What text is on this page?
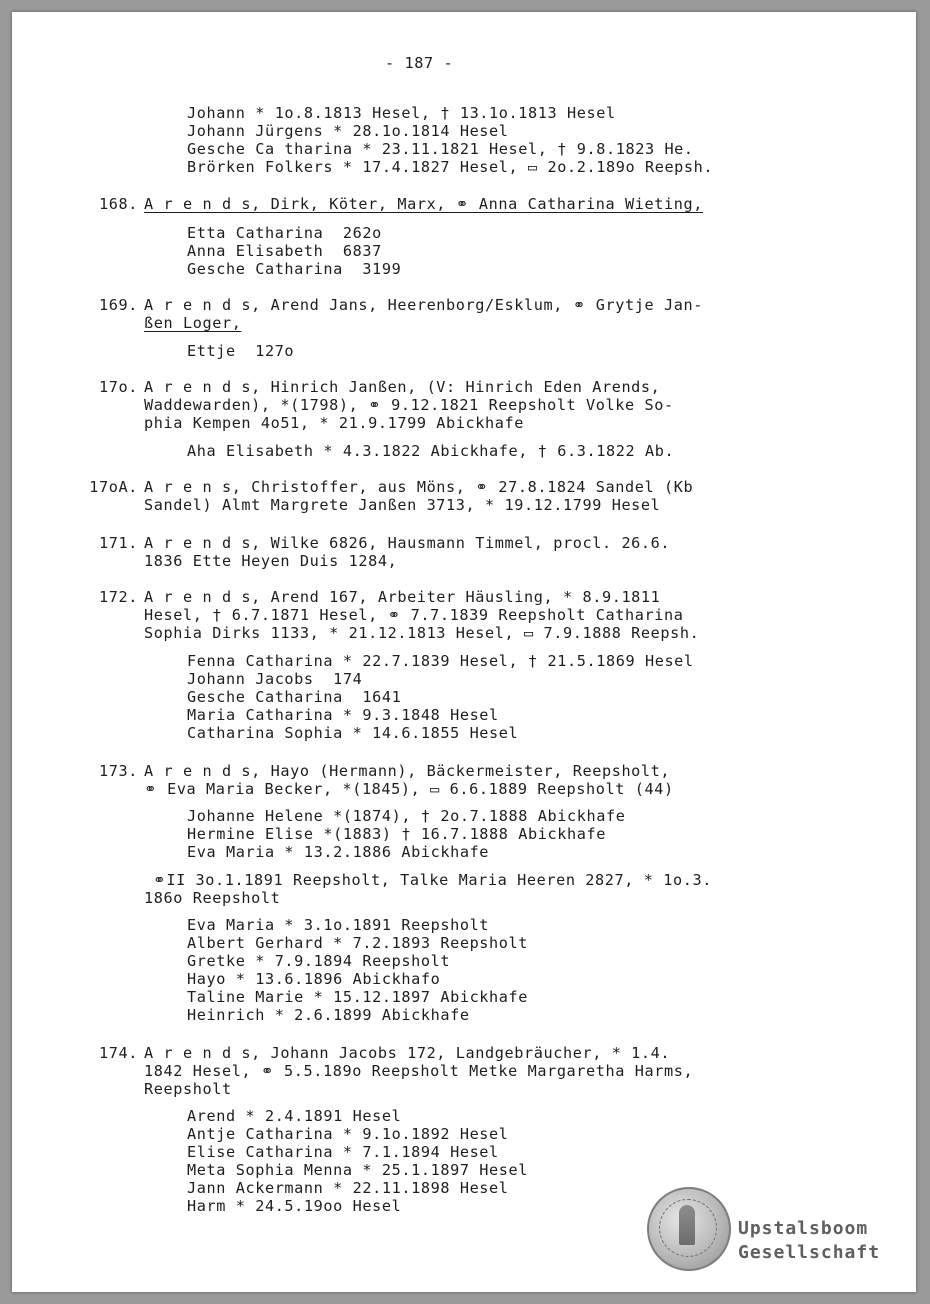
- 187 -
Johann * 1o.8.1813 Hesel, † 13.1o.1813 Hesel
Johann Jürgens * 28.1o.1814 Hesel
Gesche Ca tharina * 23.11.1821 Hesel, † 9.8.1823 He.
Brörken Folkers * 17.4.1827 Hesel, ▭ 2o.2.189o Reepsh.
168. A r e n d s, Dirk, Köter, Marx, ⚭ Anna Catharina Wieting,
Etta Catharina  262o
Anna Elisabeth  6837
Gesche Catharina  3199
169. A r e n d s, Arend Jans, Heerenborg/Esklum, ⚭ Grytje Jan-
ßen Loger,
Ettje  127o
17o. A r e n d s, Hinrich Janßen, (V: Hinrich Eden Arends,
Waddewarden), *(1798), ⚭ 9.12.1821 Reepsholt Volke So-
phia Kempen 4o51, * 21.9.1799 Abickhafe
Aha Elisabeth * 4.3.1822 Abickhafe, † 6.3.1822 Ab.
17oA. A r e n s, Christoffer, aus Möns, ⚭ 27.8.1824 Sandel (Kb
Sandel) Almt Margrete Janßen 3713, * 19.12.1799 Hesel
171. A r e n d s, Wilke 6826, Hausmann Timmel, procl. 26.6.
1836 Ette Heyen Duis 1284,
172. A r e n d s, Arend 167, Arbeiter Häusling, * 8.9.1811
Hesel, † 6.7.1871 Hesel, ⚭ 7.7.1839 Reepsholt Catharina
Sophia Dirks 1133, * 21.12.1813 Hesel, ▭ 7.9.1888 Reepsh.
Fenna Catharina * 22.7.1839 Hesel, † 21.5.1869 Hesel
Johann Jacobs  174
Gesche Catharina  1641
Maria Catharina * 9.3.1848 Hesel
Catharina Sophia * 14.6.1855 Hesel
173. A r e n d s, Hayo (Hermann), Bäckermeister, Reepsholt,
⚭ Eva Maria Becker, *(1845), ▭ 6.6.1889 Reepsholt (44)
Johanne Helene *(1874), † 2o.7.1888 Abickhafe
Hermine Elise *(1883) † 16.7.1888 Abickhafe
Eva Maria * 13.2.1886 Abickhafe
⚭II 3o.1.1891 Reepsholt, Talke Maria Heeren 2827, * 1o.3.
186o Reepsholt
Eva Maria * 3.1o.1891 Reepsholt
Albert Gerhard * 7.2.1893 Reepsholt
Gretke * 7.9.1894 Reepsholt
Hayo * 13.6.1896 Abickhafo
Taline Marie * 15.12.1897 Abickhafe
Heinrich * 2.6.1899 Abickhafe
174. A r e n d s, Johann Jacobs 172, Landgebräucher, * 1.4.
1842 Hesel, ⚭ 5.5.189o Reepsholt Metke Margaretha Harms,
Reepsholt
Arend * 2.4.1891 Hesel
Antje Catharina * 9.1o.1892 Hesel
Elise Catharina * 7.1.1894 Hesel
Meta Sophia Menna * 25.1.1897 Hesel
Jann Ackermann * 22.11.1898 Hesel
Harm * 24.5.19oo Hesel
Upstalsboom
Gesellschaft
